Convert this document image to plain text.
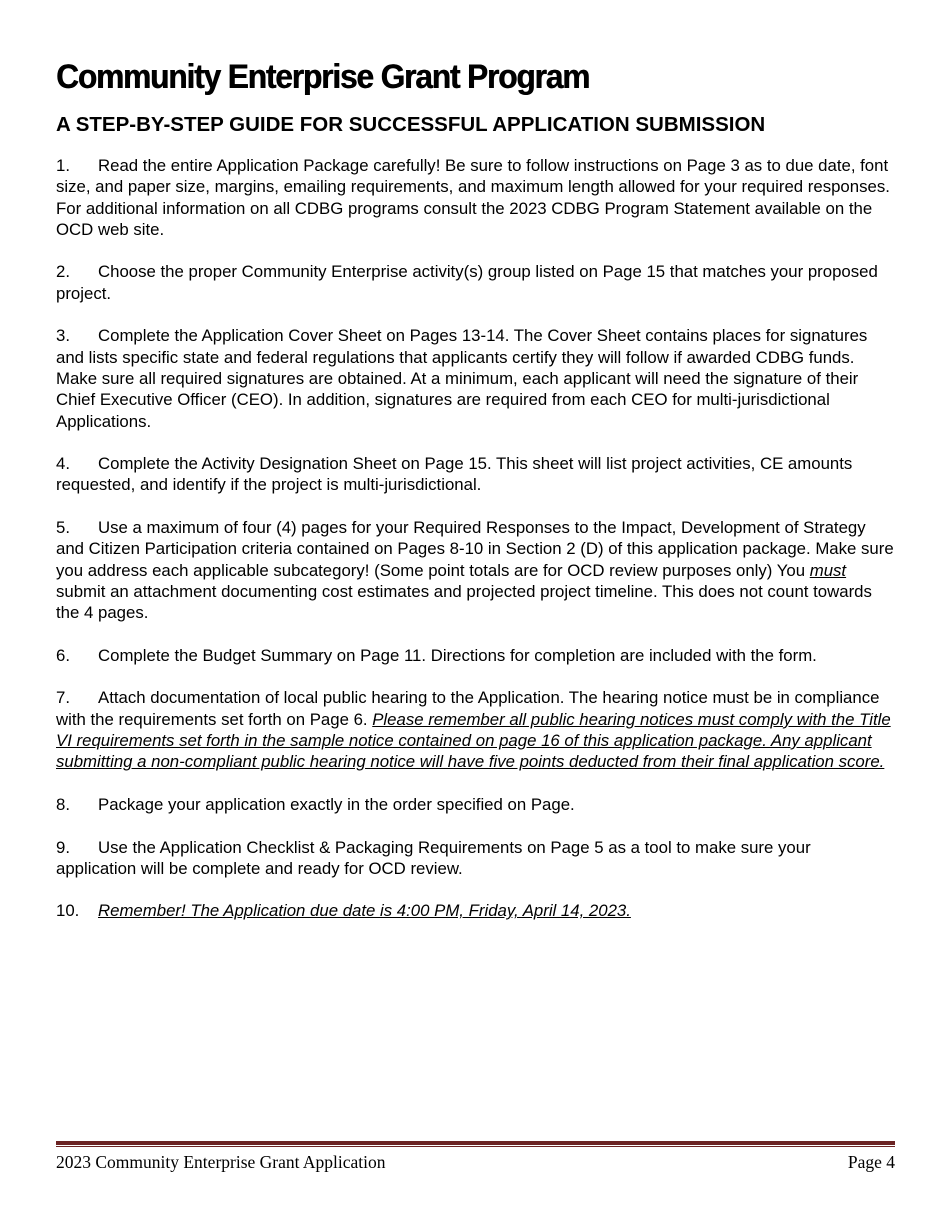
Community Enterprise Grant Program
A STEP-BY-STEP GUIDE FOR SUCCESSFUL APPLICATION SUBMISSION
1. Read the entire Application Package carefully! Be sure to follow instructions on Page 3 as to due date, font size, and paper size, margins, emailing requirements, and maximum length allowed for your required responses. For additional information on all CDBG programs consult the 2023 CDBG Program Statement available on the OCD web site.
2. Choose the proper Community Enterprise activity(s) group listed on Page 15 that matches your proposed project.
3. Complete the Application Cover Sheet on Pages 13-14. The Cover Sheet contains places for signatures and lists specific state and federal regulations that applicants certify they will follow if awarded CDBG funds. Make sure all required signatures are obtained. At a minimum, each applicant will need the signature of their Chief Executive Officer (CEO). In addition, signatures are required from each CEO for multi-jurisdictional Applications.
4. Complete the Activity Designation Sheet on Page 15. This sheet will list project activities, CE amounts requested, and identify if the project is multi-jurisdictional.
5. Use a maximum of four (4) pages for your Required Responses to the Impact, Development of Strategy and Citizen Participation criteria contained on Pages 8-10 in Section 2 (D) of this application package. Make sure you address each applicable subcategory! (Some point totals are for OCD review purposes only) You must submit an attachment documenting cost estimates and projected project timeline. This does not count towards the 4 pages.
6. Complete the Budget Summary on Page 11. Directions for completion are included with the form.
7. Attach documentation of local public hearing to the Application. The hearing notice must be in compliance with the requirements set forth on Page 6. Please remember all public hearing notices must comply with the Title VI requirements set forth in the sample notice contained on page 16 of this application package. Any applicant submitting a non-compliant public hearing notice will have five points deducted from their final application score.
8. Package your application exactly in the order specified on Page.
9. Use the Application Checklist & Packaging Requirements on Page 5 as a tool to make sure your application will be complete and ready for OCD review.
10. Remember! The Application due date is 4:00 PM, Friday, April 14, 2023.
2023 Community Enterprise Grant Application	Page 4
